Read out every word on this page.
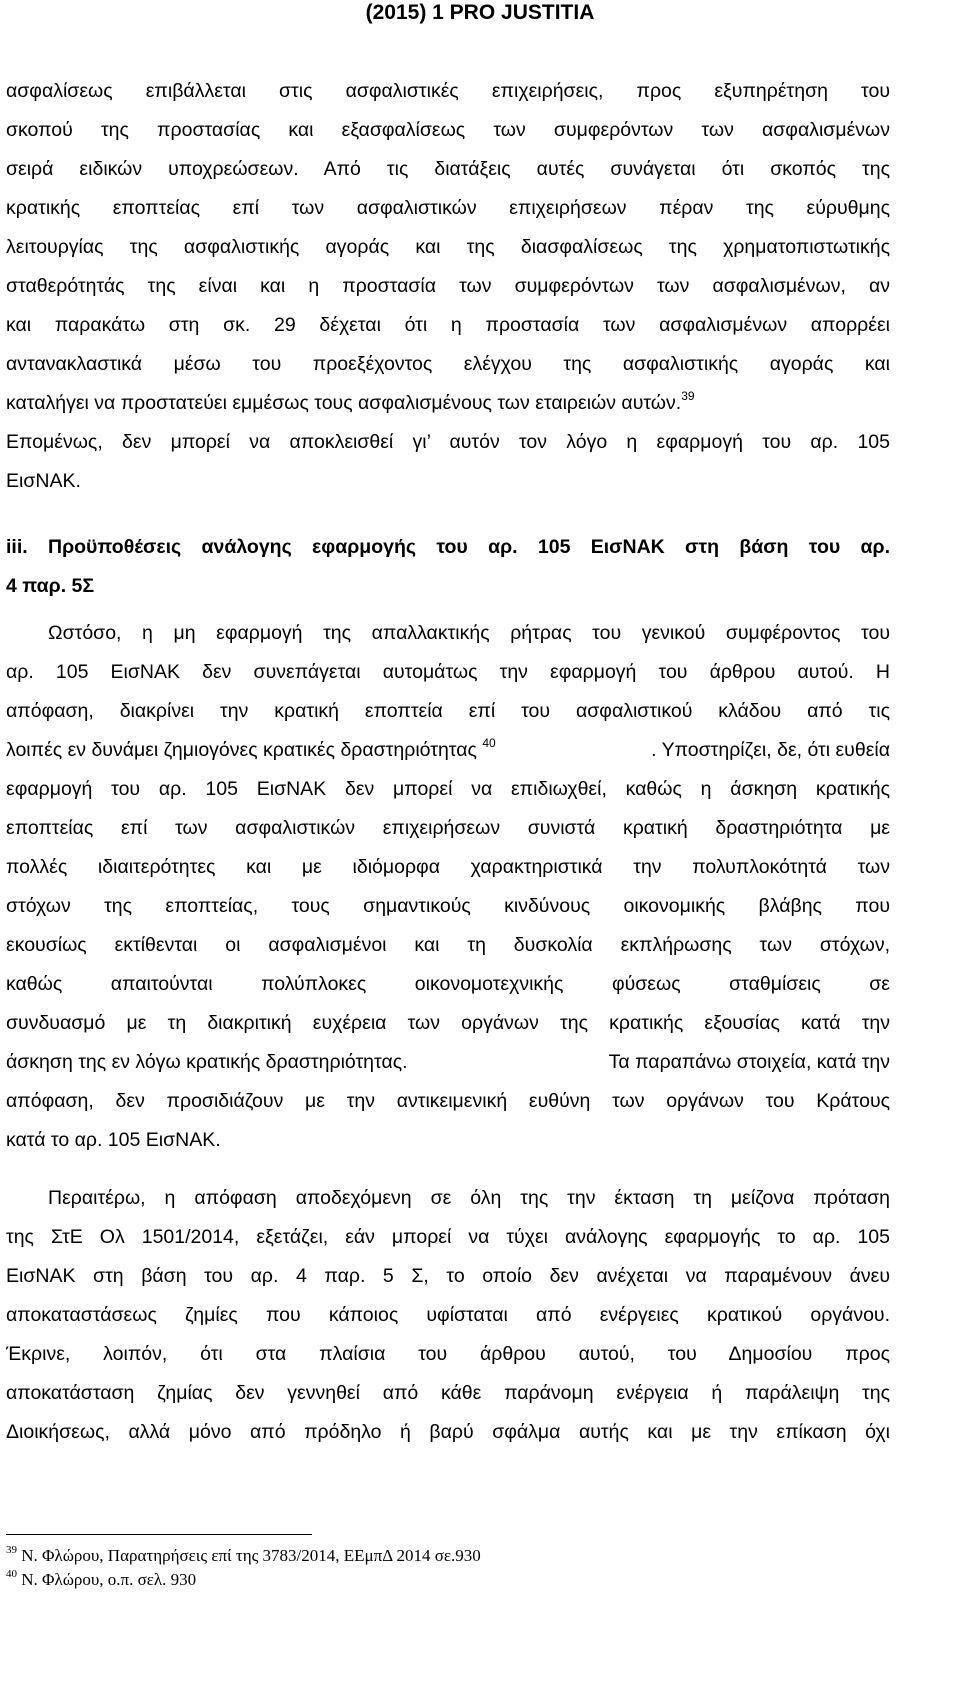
(2015) 1 PRO JUSTITIA
ασφαλίσεως επιβάλλεται στις ασφαλιστικές επιχειρήσεις, προς εξυπηρέτηση του
σκοπού της προστασίας και εξασφαλίσεως των συμφερόντων των ασφαλισμένων
σειρά ειδικών υποχρεώσεων. Από τις διατάξεις αυτές συνάγεται ότι σκοπός της
κρατικής εποπτείας επί των ασφαλιστικών επιχειρήσεων πέραν της εύρυθμης
λειτουργίας της ασφαλιστικής αγοράς και της διασφαλίσεως της χρηματοπιστωτικής
σταθερότητάς της είναι και η προστασία των συμφερόντων των ασφαλισμένων, αν
και παρακάτω στη σκ. 29 δέχεται ότι η προστασία των ασφαλισμένων απορρέει
αντανακλαστικά μέσω του προεξέχοντος ελέγχου της ασφαλιστικής αγοράς και
καταλήγει να προστατεύει εμμέσως τους ασφαλισμένους των εταιρειών αυτών.$^{39}$
Επομένως, δεν μπορεί να αποκλεισθεί γι’ αυτόν τον λόγο η εφαρμογή του αρ. 105
ΕισΝΑΚ.
iii. Προϋποθέσεις ανάλογης εφαρμογής του αρ. 105 ΕισΝΑΚ στη βάση του αρ.
4 παρ. 5Σ
Ωστόσο, η μη εφαρμογή της απαλλακτικής ρήτρας του γενικού συμφέροντος του
αρ. 105 ΕισΝΑΚ δεν συνεπάγεται αυτομάτως την εφαρμογή του άρθρου αυτού. Η
απόφαση, διακρίνει την κρατική εποπτεία επί του ασφαλιστικού κλάδου από τις
λοιπές εν δυνάμει ζημιογόνες κρατικές δραστηριότητας $^{40}$	. Υποστηρίζει, δε, ότι ευθεία
εφαρμογή του αρ. 105 ΕισΝΑΚ δεν μπορεί να επιδιωχθεί, καθώς η άσκηση κρατικής
εποπτείας επί των ασφαλιστικών επιχειρήσεων συνιστά κρατική δραστηριότητα με
πολλές ιδιαιτερότητες και με ιδιόμορφα χαρακτηριστικά την πολυπλοκότητά των
στόχων της εποπτείας, τους σημαντικούς κινδύνους οικονομικής βλάβης που
εκουσίως εκτίθενται οι ασφαλισμένοι και τη δυσκολία εκπλήρωσης των στόχων,
καθώς απαιτούνται πολύπλοκες οικονομοτεχνικής φύσεως σταθμίσεις σε
συνδυασμό με τη διακριτική ευχέρεια των οργάνων της κρατικής εξουσίας κατά την
άσκηση της εν λόγω κρατικής δραστηριότητας.	Τα παραπάνω στοιχεία, κατά την
απόφαση, δεν προσιδιάζουν με την αντικειμενική ευθύνη των οργάνων του Κράτους
κατά το αρ. 105 ΕισΝΑΚ.
Περαιτέρω, η απόφαση αποδεχόμενη σε όλη της την έκταση τη μείζονα πρόταση
της ΣτΕ Ολ 1501/2014, εξετάζει, εάν μπορεί να τύχει ανάλογης εφαρμογής το αρ. 105
ΕισΝΑΚ στη βάση του αρ. 4 παρ. 5 Σ, το οποίο δεν ανέχεται να παραμένουν άνευ
αποκαταστάσεως ζημίες που κάποιος υφίσταται από ενέργειες κρατικού οργάνου.
Έκρινε, λοιπόν, ότι στα πλαίσια του άρθρου αυτού, του Δημοσίου προς
αποκατάσταση ζημίας δεν γεννηθεί από κάθε παράνομη ενέργεια ή παράλειψη της
Διοικήσεως, αλλά μόνο από πρόδηλο ή βαρύ σφάλμα αυτής και με την επίκαση όχι
$^{39}$ Ν. Φλώρου, Παρατηρήσεις επί της 3783/2014, ΕΕμπΔ 2014 σε.930
$^{40}$ Ν. Φλώρου, ο.π. σελ. 930
